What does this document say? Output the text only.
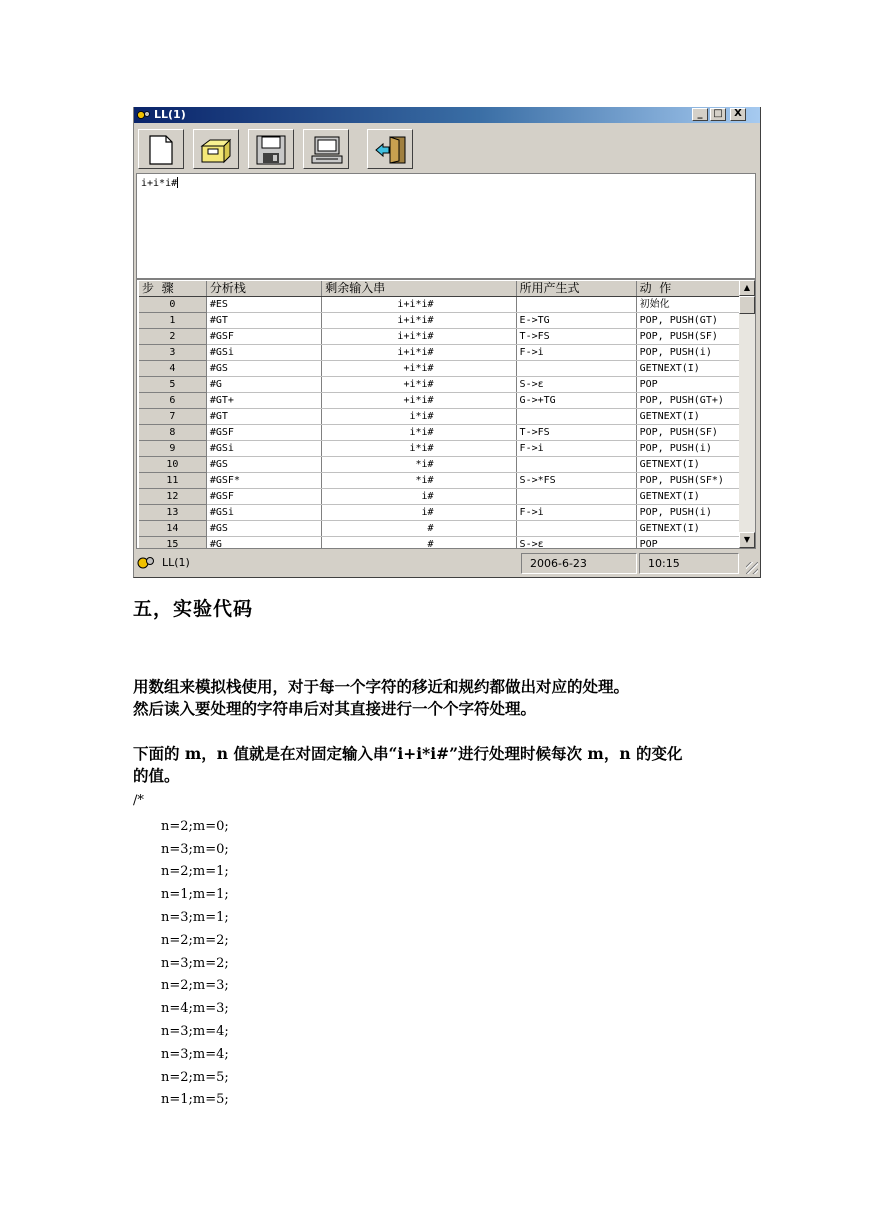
LL(1)	_	□	X
i+i*i#
步  骤	分析栈	剩余输入串	所用产生式	动  作
0	#ES	i+i*i#		初始化
1	#GT	i+i*i#	E->TG	POP, PUSH(GT)
2	#GSF	i+i*i#	T->FS	POP, PUSH(SF)
3	#GSi	i+i*i#	F->i	POP, PUSH(i)
4	#GS	+i*i#		GETNEXT(I)
5	#G	+i*i#	S->ε	POP
6	#GT+	+i*i#	G->+TG	POP, PUSH(GT+)
7	#GT	i*i#		GETNEXT(I)
8	#GSF	i*i#	T->FS	POP, PUSH(SF)
9	#GSi	i*i#	F->i	POP, PUSH(i)
10	#GS	*i#		GETNEXT(I)
11	#GSF*	*i#	S->*FS	POP, PUSH(SF*)
12	#GSF	i#		GETNEXT(I)
13	#GSi	i#	F->i	POP, PUSH(i)
14	#GS	#		GETNEXT(I)
15	#G	#	S->ε	POP
▲
▼
LL(1)	2006-6-23	10:15
五，实验代码
用数组来模拟栈使用，对于每一个字符的移近和规约都做出对应的处理。
然后读入要处理的字符串后对其直接进行一个个字符处理。
下面的 m，n 值就是在对固定输入串“i+i*i#”进行处理时候每次 m，n 的变化
的值。
/*
n=2;m=0;
n=3;m=0;
n=2;m=1;
n=1;m=1;
n=3;m=1;
n=2;m=2;
n=3;m=2;
n=2;m=3;
n=4;m=3;
n=3;m=4;
n=3;m=4;
n=2;m=5;
n=1;m=5;
